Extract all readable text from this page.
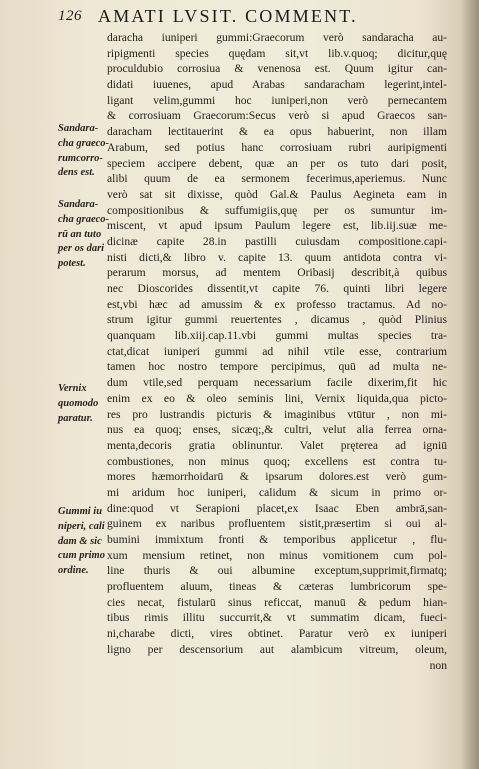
126 AMATI LVSIT. COMMENT.
Sandara-
cha graeco-
rumcorro-
dens est.
Sandara-
cha graeco-
rū an tuto
per os dari
potest.
Vernix
quomodo
paratur.
Gummi iu
niperi, cali
dam & sic
cum primo
ordine.
daracha iuniperi gummi:Graecorum verò sandaracha au-
ripigmenti species quędam sit,vt lib.v.quoq; dicitur,quę
proculdubio corrosiua & venenosa est. Quum igitur can-
didati iuuenes, apud Arabas sandaracham legerint,intel-
ligant velim,gummi hoc iuniperi,non verò pernecantem
& corrosiuam Graecorum:Secus verò si apud Graecos san-
daracham lectitauerint & ea opus habuerint, non illam
Arabum, sed potius hanc corrosiuam rubri auripigmenti
speciem accipere debent, quæ an per os tuto dari posit,
alibi quum de ea sermonem fecerimus,aperiemus. Nunc
verò sat sit dixisse, quòd Gal.& Paulus Aegineta eam in
compositionibus & suffumigiis,quę per os sumuntur im-
miscent, vt apud ipsum Paulum legere est, lib.iij.suæ me-
dicinæ capite 28.in pastilli cuiusdam compositione.capi-
nisti dicti,& libro v. capite 13. quum antidota contra vi-
perarum morsus, ad mentem Oribasij describit,à quibus
nec Dioscorides dissentit,vt capite 76. quinti libri legere
est,vbi hæc ad amussim & ex professo tractamus. Ad no-
strum igitur gummi reuertentes , dicamus , quòd Plinius
quanquam lib.xiij.cap.11.vbi gummi multas species tra-
ctat,dicat iuniperi gummi ad nihil vtile esse, contrarium
tamen hoc nostro tempore percipimus, quū ad multa ne-
dum vtile,sed perquam necessarium facile dixerim,fit hic
enim ex eo & oleo seminis lini, Vernix liquida,qua picto-
res pro lustrandis picturis & imaginibus vtūtur , non mi-
nus ea quoq; enses, sicæq;,& cultri, velut alia ferrea orna-
menta,decoris gratia oblinuntur. Valet pręterea ad igniū
combustiones, non minus quoq; excellens est contra tu-
mores hæmorrhoidarū & ipsarum dolores.est verò gum-
mi aridum hoc iuniperi, calidum & sicum in primo or-
dine:quod vt Serapioni placet,ex Isaac Eben ambrā,san-
guinem ex naribus profluentem sistit,præsertim si oui al-
bumini immixtum fronti & temporibus applicetur , flu-
xum mensium retinet, non minus vomitionem cum pol-
line thuris & oui albumine exceptum,supprimit,firmatq;
profluentem aluum, tineas & cæteras lumbricorum spe-
cies necat, fistularū sinus reficcat, manuū & pedum hian-
tibus rimis illitu succurrit,& vt summatim dicam, fueci-
ni,charabe dicti, vires obtinet. Paratur verò ex iuniperi
ligno per descensorium aut alambicum vitreum, oleum,
non
